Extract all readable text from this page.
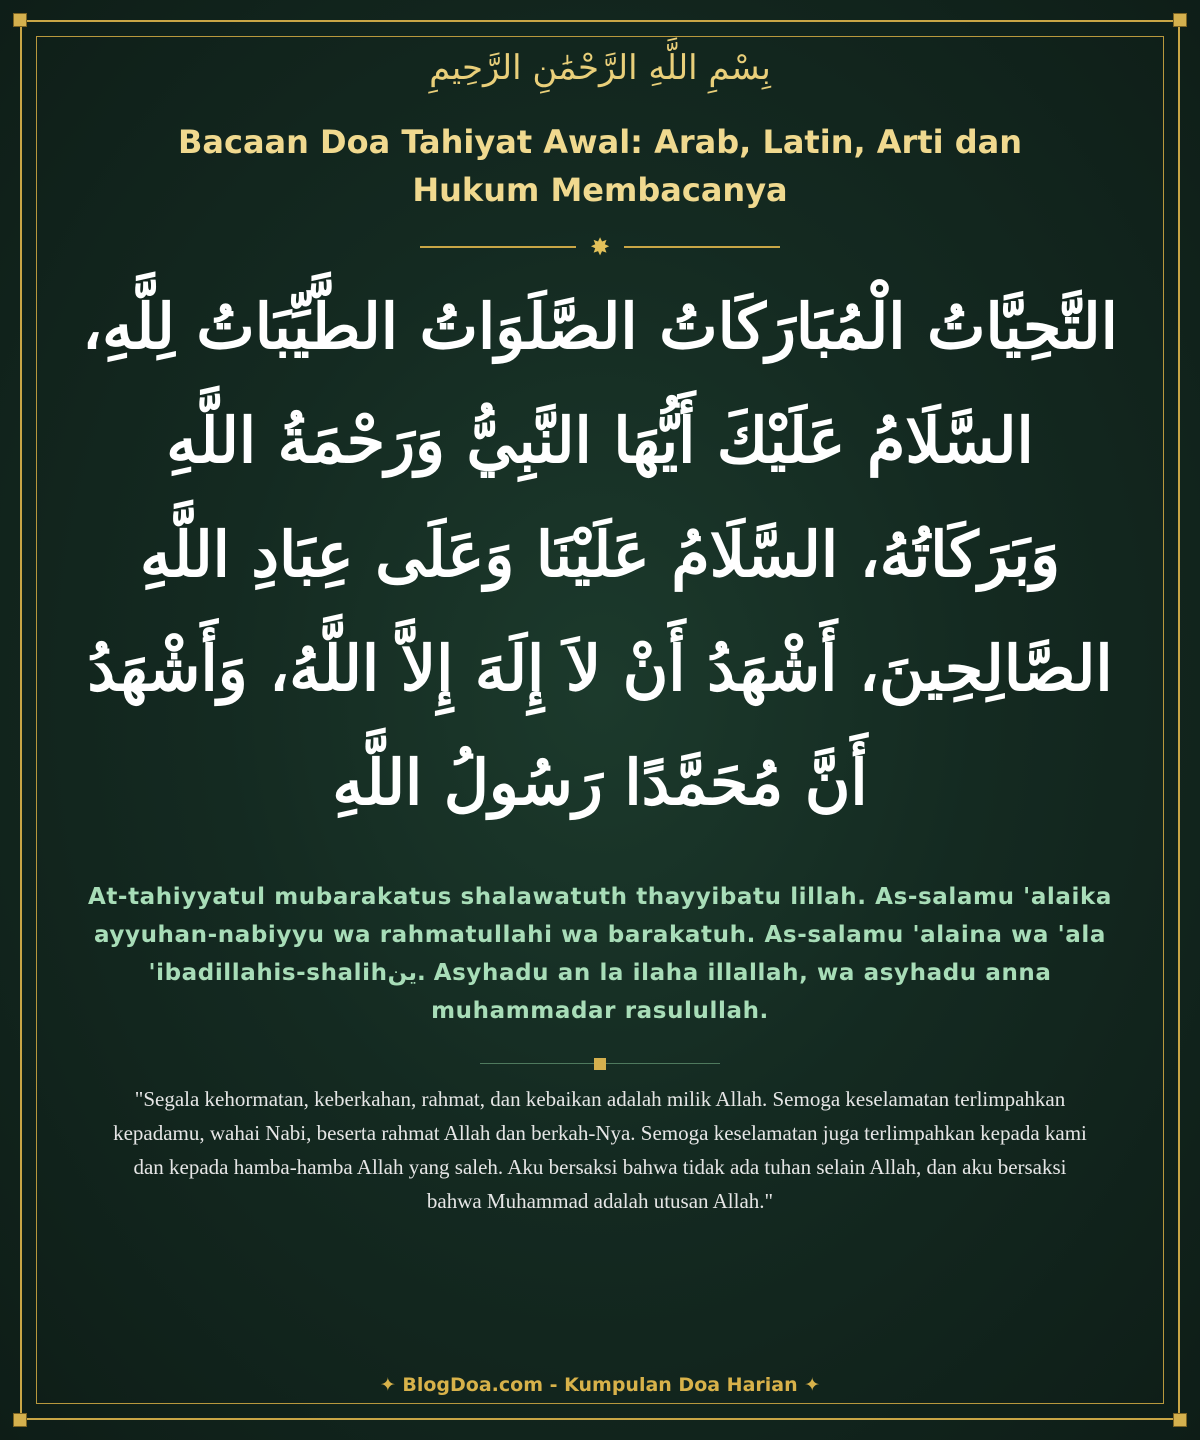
بِسْمِ اللَّهِ الرَّحْمَٰنِ الرَّحِيمِ
Bacaan Doa Tahiyat Awal: Arab, Latin, Arti dan Hukum Membacanya
✸
التَّحِيَّاتُ الْمُبَارَكَاتُ الصَّلَوَاتُ الطَّيِّبَاتُ لِلَّهِ، السَّلَامُ عَلَيْكَ أَيُّهَا النَّبِيُّ وَرَحْمَةُ اللَّهِ وَبَرَكَاتُهُ، السَّلَامُ عَلَيْنَا وَعَلَى عِبَادِ اللَّهِ الصَّالِحِينَ، أَشْهَدُ أَنْ لاَ إِلَهَ إِلاَّ اللَّهُ، وَأَشْهَدُ أَنَّ مُحَمَّدًا رَسُولُ اللَّهِ
At-tahiyyatul mubarakatus shalawatuth thayyibatu lillah. As-salamu 'alaika ayyuhan-nabiyyu wa rahmatullahi wa barakatuh. As-salamu 'alaina wa 'ala 'ibadillahis-shalihين. Asyhadu an la ilaha illallah, wa asyhadu anna muhammadar rasulullah.
"Segala kehormatan, keberkahan, rahmat, dan kebaikan adalah milik Allah. Semoga keselamatan terlimpahkan kepadamu, wahai Nabi, beserta rahmat Allah dan berkah-Nya. Semoga keselamatan juga terlimpahkan kepada kami dan kepada hamba-hamba Allah yang saleh. Aku bersaksi bahwa tidak ada tuhan selain Allah, dan aku bersaksi bahwa Muhammad adalah utusan Allah."
✦ BlogDoa.com - Kumpulan Doa Harian ✦
